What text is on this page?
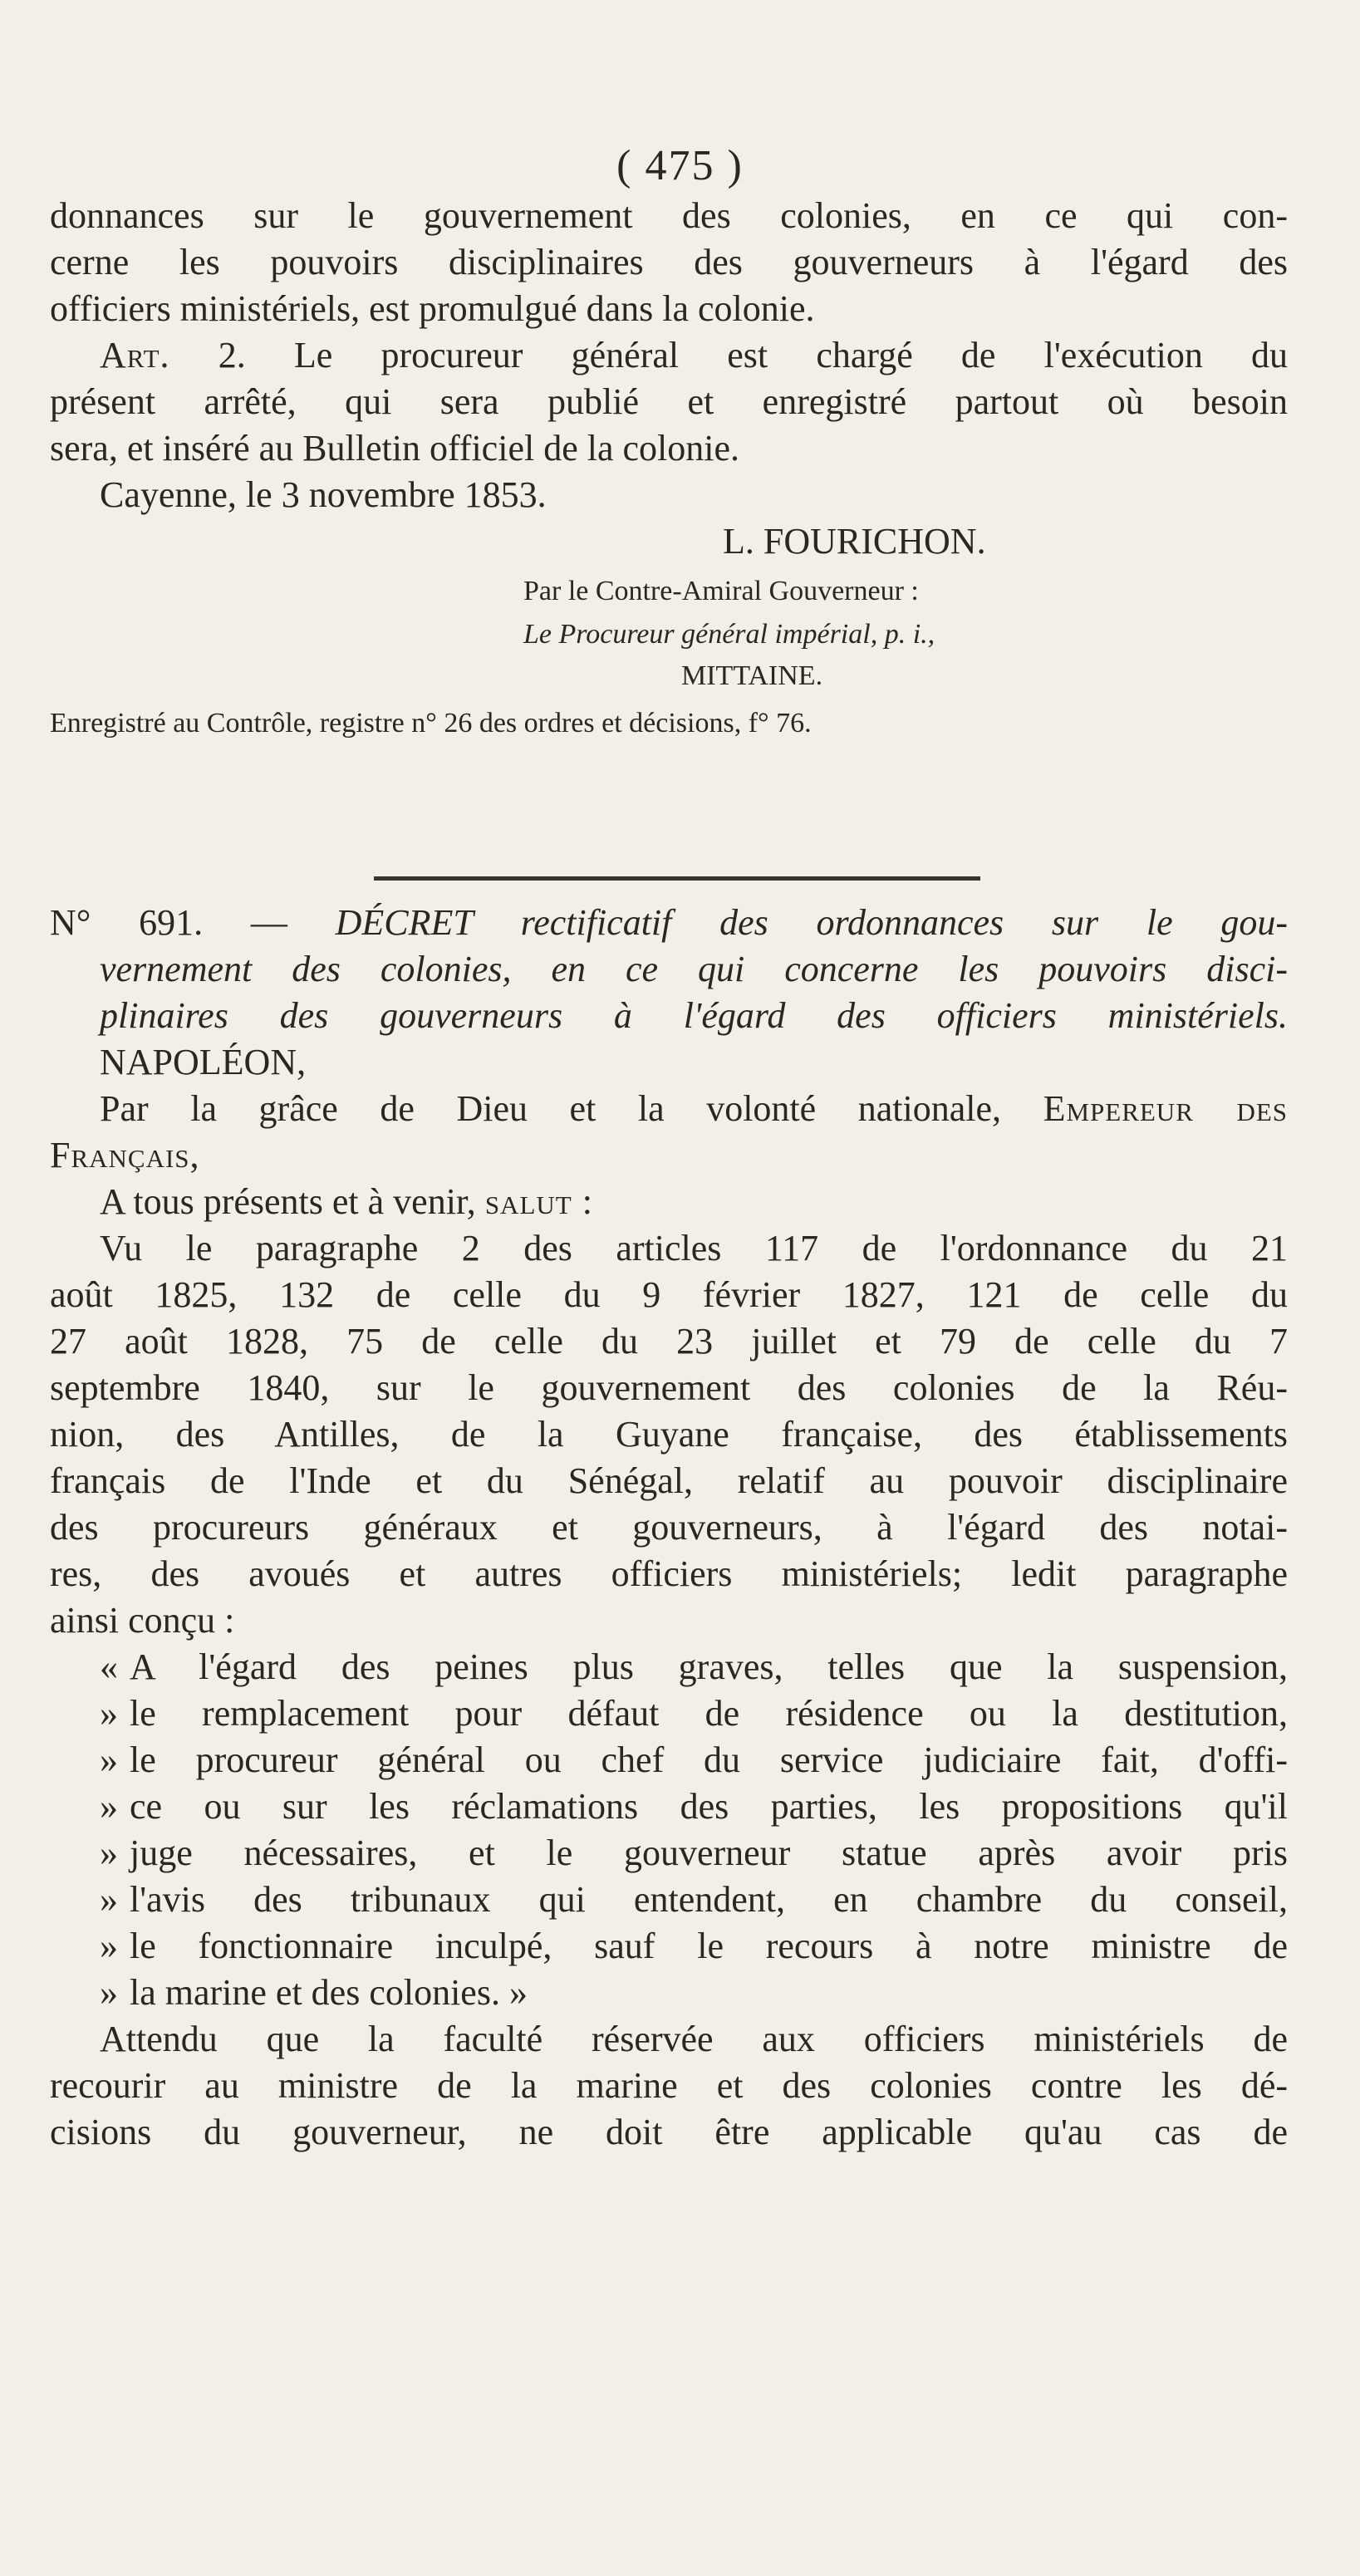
( 475 )
donnances sur le gouvernement des colonies, en ce qui con-
cerne les pouvoirs disciplinaires des gouverneurs à l'égard des
officiers ministériels, est promulgué dans la colonie.
Art. 2. Le procureur général est chargé de l'exécution du
présent arrêté, qui sera publié et enregistré partout où besoin
sera, et inséré au Bulletin officiel de la colonie.
Cayenne, le 3 novembre 1853.
L. FOURICHON.
Par le Contre-Amiral Gouverneur :
Le Procureur général impérial, p. i.,
MITTAINE.
Enregistré au Contrôle, registre n° 26 des ordres et décisions, f° 76.
N° 691. — DÉCRET rectificatif des ordonnances sur le gou-
vernement des colonies, en ce qui concerne les pouvoirs disci-
plinaires des gouverneurs à l'égard des officiers ministériels.
NAPOLÉON,
Par la grâce de Dieu et la volonté nationale, Empereur des
Français,
A tous présents et à venir, salut :
Vu le paragraphe 2 des articles 117 de l'ordonnance du 21
août 1825, 132 de celle du 9 février 1827, 121 de celle du
27 août 1828, 75 de celle du 23 juillet et 79 de celle du 7
septembre 1840, sur le gouvernement des colonies de la Réu-
nion, des Antilles, de la Guyane française, des établissements
français de l'Inde et du Sénégal, relatif au pouvoir disciplinaire
des procureurs généraux et gouverneurs, à l'égard des notai-
res, des avoués et autres officiers ministériels; ledit paragraphe
ainsi conçu :
« A l'égard des peines plus graves, telles que la suspension,
» le remplacement pour défaut de résidence ou la destitution,
» le procureur général ou chef du service judiciaire fait, d'offi-
» ce ou sur les réclamations des parties, les propositions qu'il
» juge nécessaires, et le gouverneur statue après avoir pris
» l'avis des tribunaux qui entendent, en chambre du conseil,
» le fonctionnaire inculpé, sauf le recours à notre ministre de
» la marine et des colonies. »
Attendu que la faculté réservée aux officiers ministériels de
recourir au ministre de la marine et des colonies contre les dé-
cisions du gouverneur, ne doit être applicable qu'au cas de
